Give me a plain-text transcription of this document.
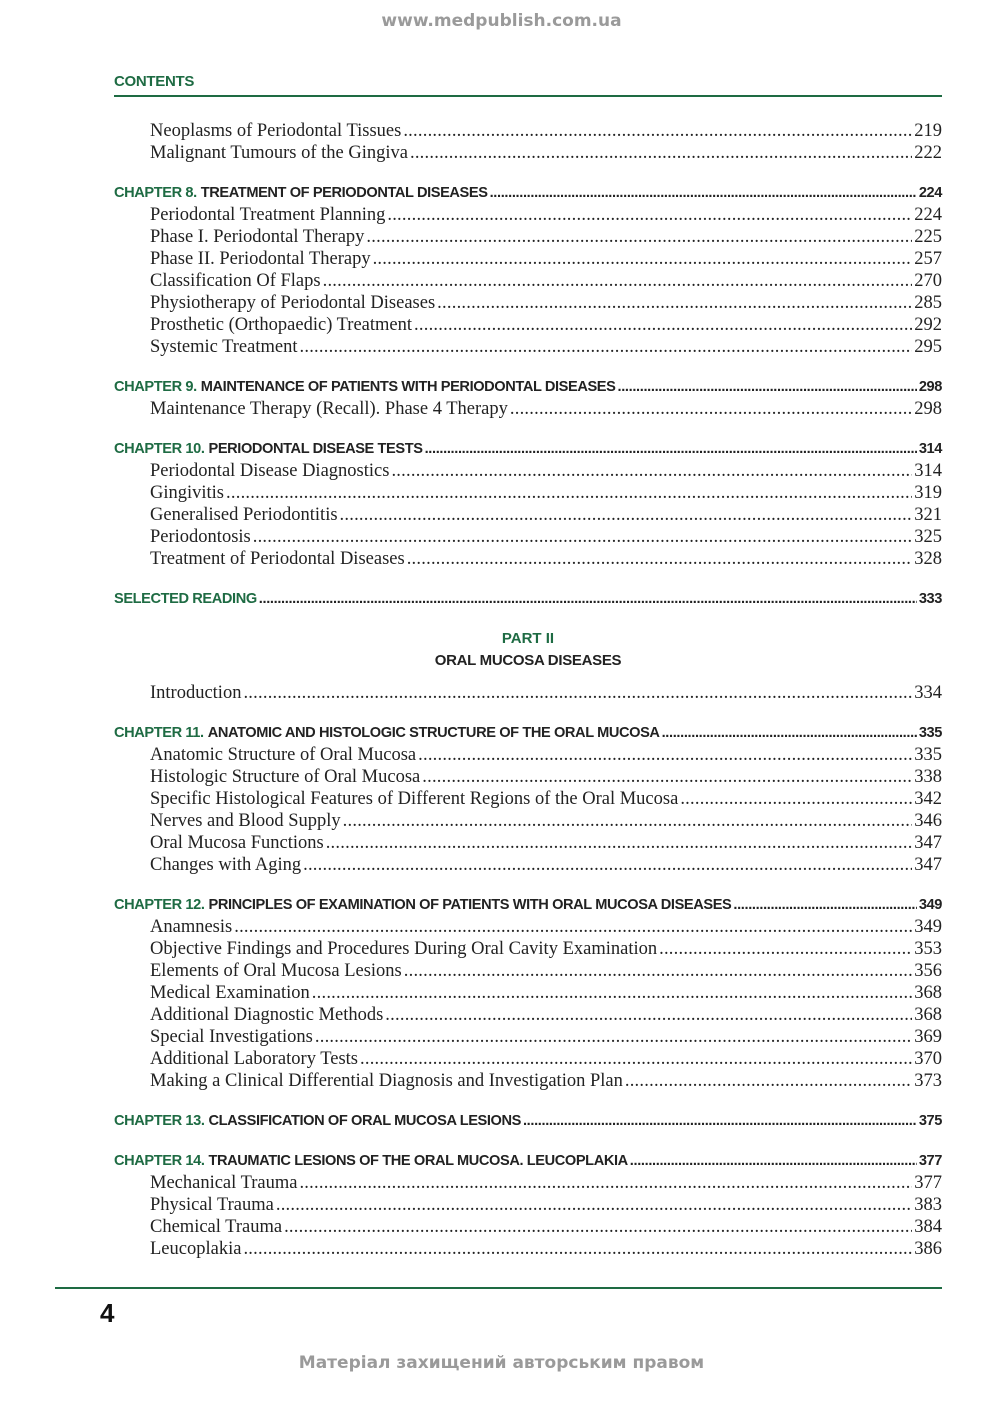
www.medpublish.com.ua
CONTENTS
Neoplasms of Periodontal Tissues . . .	219
Malignant Tumours of the Gingiva . . .	222
CHAPTER 8. TREATMENT OF PERIODONTAL DISEASES . . .	224
Periodontal Treatment Planning . . .	224
Phase I. Periodontal Therapy . . .	225
Phase II. Periodontal Therapy . . .	257
Classification Of Flaps . . .	270
Physiotherapy of Periodontal Diseases . . .	285
Prosthetic (Orthopaedic) Treatment . . .	292
Systemic Treatment . . .	295
CHAPTER 9. MAINTENANCE OF PATIENTS WITH PERIODONTAL DISEASES . . .	298
Maintenance Therapy (Recall). Phase 4 Therapy . . .	298
CHAPTER 10. PERIODONTAL DISEASE TESTS . . .	314
Periodontal Disease Diagnostics . . .	314
Gingivitis . . .	319
Generalised Periodontitis . . .	321
Periodontosis . . .	325
Treatment of Periodontal Diseases . . .	328
SELECTED READING . . .	333
PART II
ORAL MUCOSA DISEASES
Introduction . . .	334
CHAPTER 11. ANATOMIC AND HISTOLOGIC STRUCTURE OF THE ORAL MUCOSA . . .	335
Anatomic Structure of Oral Mucosa . . .	335
Histologic Structure of Oral Mucosa . . .	338
Specific Histological Features of Different Regions of the Oral Mucosa . . .	342
Nerves and Blood Supply . . .	346
Oral Mucosa Functions . . .	347
Changes with Aging . . .	347
CHAPTER 12. PRINCIPLES OF EXAMINATION OF PATIENTS WITH ORAL MUCOSA DISEASES . . .	349
Anamnesis . . .	349
Objective Findings and Procedures During Oral Cavity Examination . . .	353
Elements of Oral Mucosa Lesions . . .	356
Medical Examination . . .	368
Additional Diagnostic Methods . . .	368
Special Investigations . . .	369
Additional Laboratory Tests . . .	370
Making a Clinical Differential Diagnosis and Investigation Plan . . .	373
CHAPTER 13. CLASSIFICATION OF ORAL MUCOSA LESIONS . . .	375
CHAPTER 14. TRAUMATIC LESIONS OF THE ORAL MUCOSA. LEUCOPLAKIA . . .	377
Mechanical Trauma . . .	377
Physical Trauma . . .	383
Chemical Trauma . . .	384
Leucoplakia . . .	386
4
Матеріал захищений авторським правом
